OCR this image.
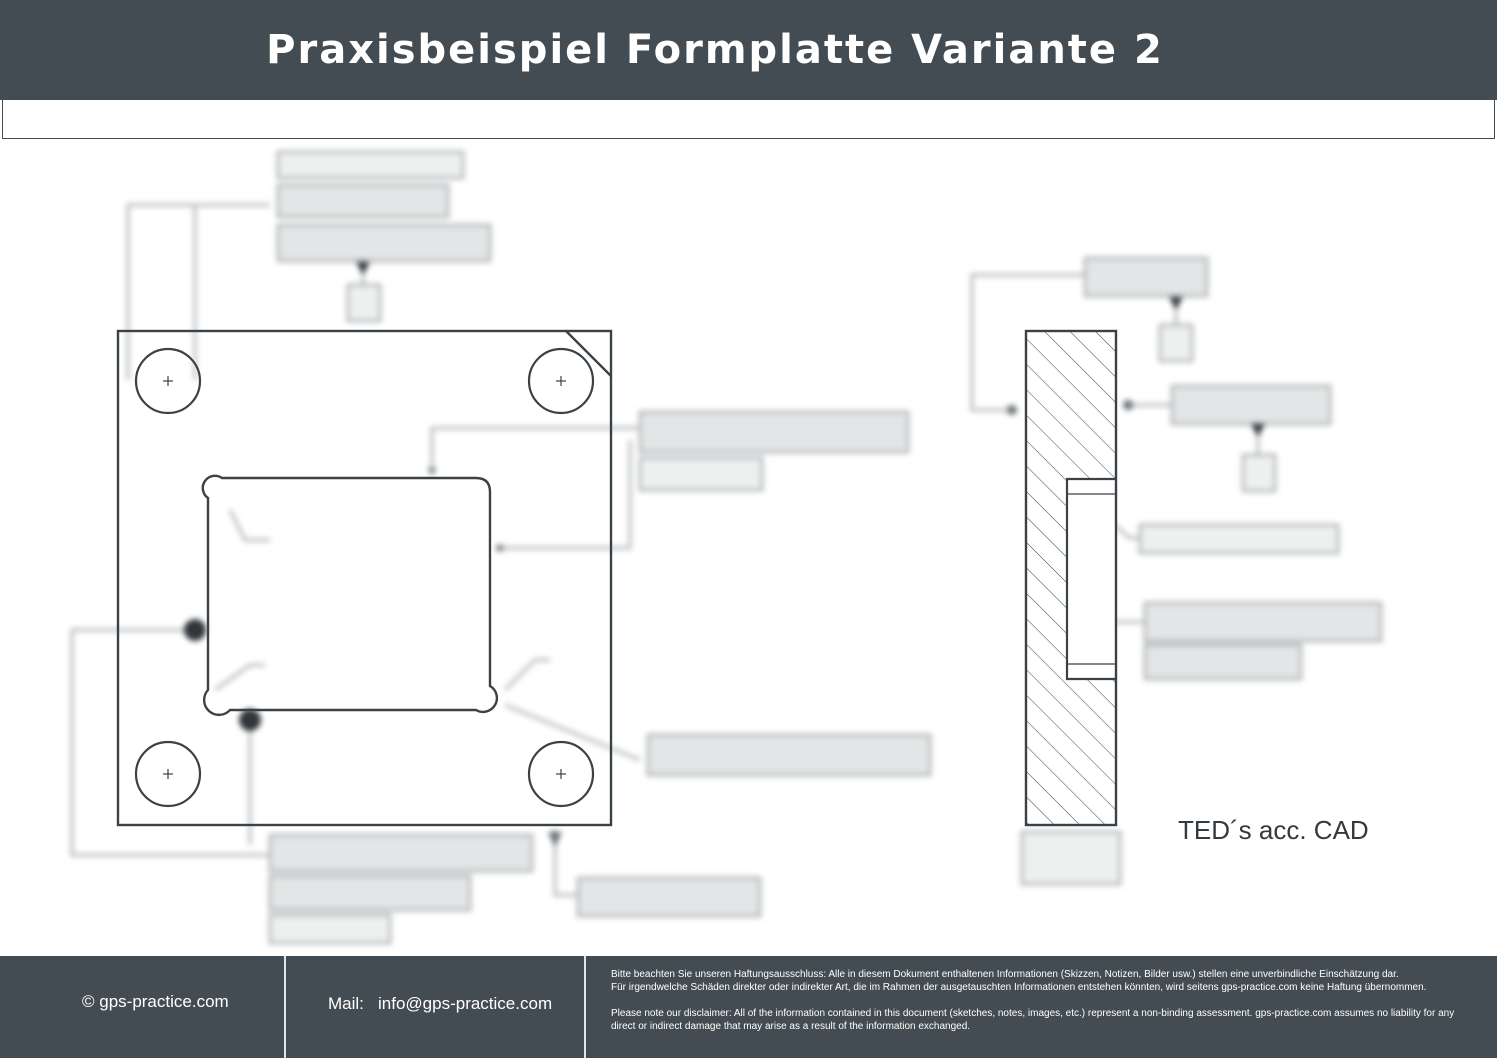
Praxisbeispiel Formplatte Variante 2
TED´s acc. CAD
© gps-practice.com	Mail: info@gps-practice.com

Bitte beachten Sie unseren Haftungsausschluss: Alle in diesem Dokument enthaltenen Informationen (Skizzen, Notizen, Bilder usw.) stellen eine unverbindliche Einschätzung dar.

Für irgendwelche Schäden direkter oder indirekter Art, die im Rahmen der ausgetauschten Informationen entstehen könnten, wird seitens gps-practice.com keine Haftung übernommen.

Please note our disclaimer: All of the information contained in this document (sketches, notes, images, etc.) represent a non-binding assessment. gps-practice.com assumes no liability for any

direct or indirect damage that may arise as a result of the information exchanged.
